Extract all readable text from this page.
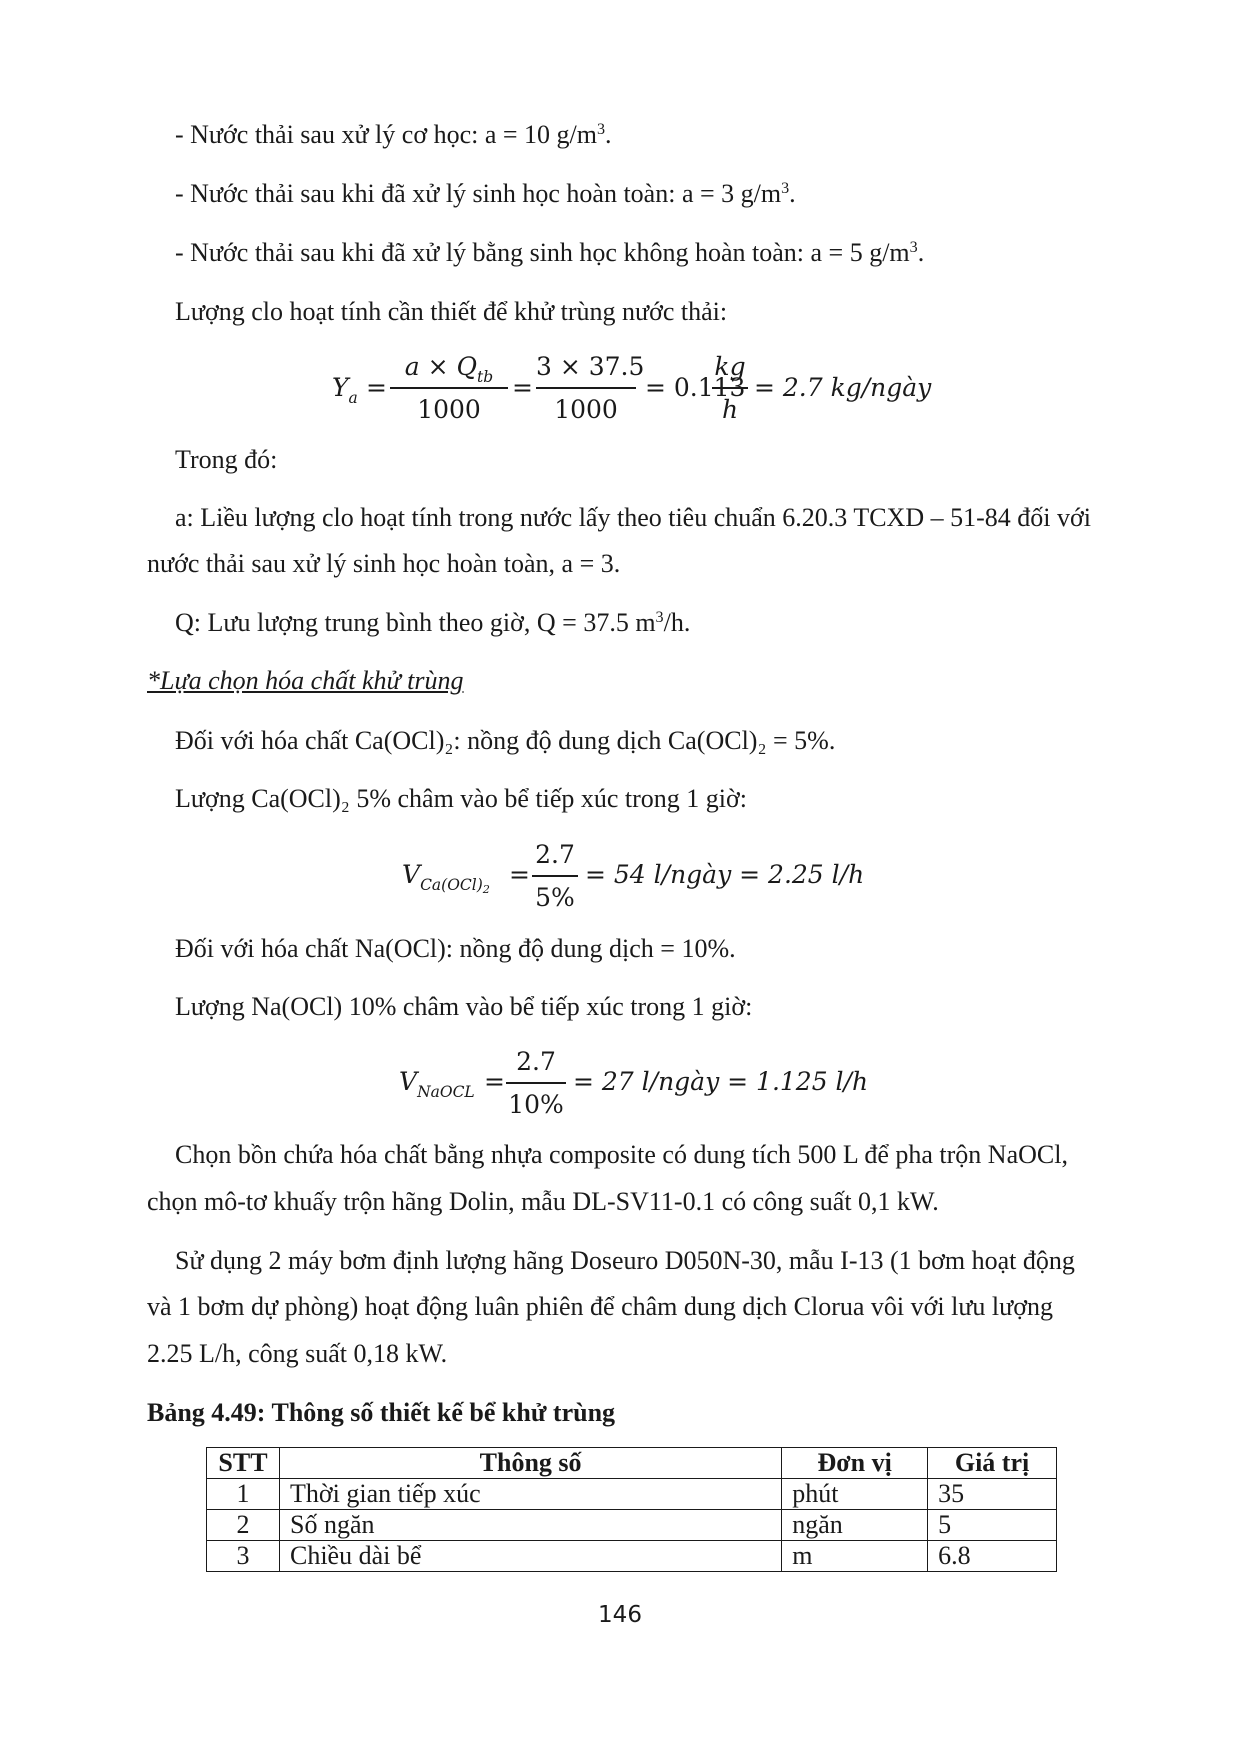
- Nước thải sau xử lý cơ học: a = 10 $g/m^3$.
- Nước thải sau khi đã xử lý sinh học hoàn toàn: a = 3 $g/m^3$.
- Nước thải sau khi đã xử lý bằng sinh học không hoàn toàn: a = 5 $g/m^3$.
Lượng clo hoạt tính cần thiết để khử trùng nước thải:
$Y_a$ =
$a \times Q_{tb}$
1000
=
3 × 37.5
1000
= 0.113
kg
h
= 2.7 kg/ngày
Trong đó:
a: Liều lượng clo hoạt tính trong nước lấy theo tiêu chuẩn 6.20.3 TCXD – 51-84 đối với
nước thải sau xử lý sinh học hoàn toàn, a = 3.
Q: Lưu lượng trung bình theo giờ, Q = 37.5 $m^3/h$.
*Lựa chọn hóa chất khử trùng
Đối với hóa chất Ca(OCl)₂: nồng độ dung dịch Ca(OCl)₂ = 5%.
Lượng Ca(OCl)₂ 5% châm vào bể tiếp xúc trong 1 giờ:
$V_{Ca(OCl)2}$
=
2.7
5%
= 54 l/ngày = 2.25 l/h
Đối với hóa chất Na(OCl): nồng độ dung dịch = 10%.
Lượng Na(OCl) 10% châm vào bể tiếp xúc trong 1 giờ:
$V_{NaOCL}$ =
2.7
10%
= 27 l/ngày = 1.125 l/h
Chọn bồn chứa hóa chất bằng nhựa composite có dung tích 500 L để pha trộn NaOCl,
chọn mô-tơ khuấy trộn hãng Dolin, mẫu DL-SV11-0.1 có công suất 0,1 kW.
Sử dụng 2 máy bơm định lượng hãng Doseuro D050N-30, mẫu I-13 (1 bơm hoạt động
và 1 bơm dự phòng) hoạt động luân phiên để châm dung dịch Clorua vôi với lưu lượng
2.25 L/h, công suất 0,18 kW.
Bảng 4.49: Thông số thiết kế bể khử trùng
STT	Thông số	Đơn vị	Giá trị
1	Thời gian tiếp xúc	phút	35
2	Số ngăn	ngăn	5
3	Chiều dài bể	m	6.8
146
